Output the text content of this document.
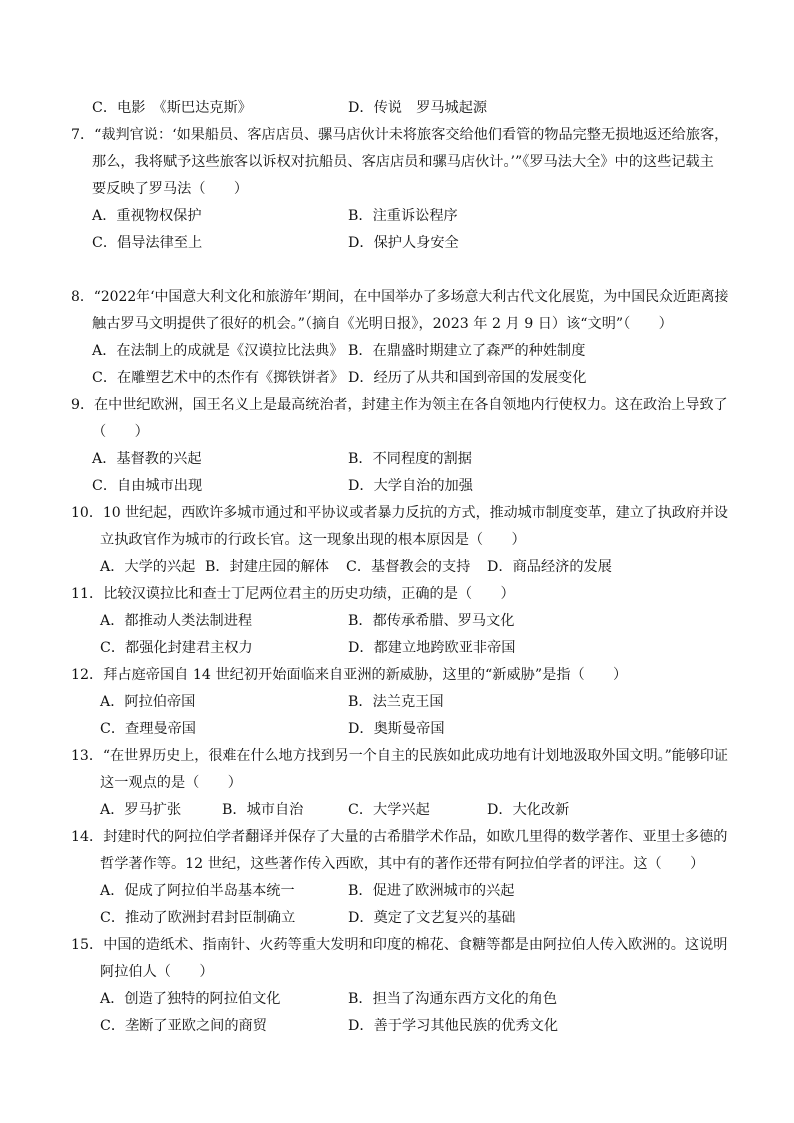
C．电影　《斯巴达克斯》	D．传说　罗马城起源
7．“裁判官说：‘如果船员、客店店员、骡马店伙计未将旅客交给他们看管的物品完整无损地返还给旅客，
那么，我将赋予这些旅客以诉权对抗船员、客店店员和骡马店伙计。’”《罗马法大全》中的这些记载主
要反映了罗马法（　　）
A．重视物权保护	B．注重诉讼程序
C．倡导法律至上	D．保护人身安全
8．“2022年‘中国意大利文化和旅游年’期间，在中国举办了多场意大利古代文化展览，为中国民众近距离接
触古罗马文明提供了很好的机会。”（摘自《光明日报》，2023 年 2 月 9 日）该“文明”（　　）
A．在法制上的成就是《汉谟拉比法典》 B．在鼎盛时期建立了森严的种姓制度
C．在雕塑艺术中的杰作有《掷铁饼者》 D．经历了从共和国到帝国的发展变化
9．在中世纪欧洲，国王名义上是最高统治者，封建主作为领主在各自领地内行使权力。这在政治上导致了
（　　）
A．基督教的兴起	B．不同程度的割据
C．自由城市出现	D．大学自治的加强
10．10 世纪起，西欧许多城市通过和平协议或者暴力反抗的方式，推动城市制度变革，建立了执政府并设
立执政官作为城市的行政长官。这一现象出现的根本原因是（　　）
A．大学的兴起 B．封建庄园的解体 C．基督教会的支持 D．商品经济的发展
11．比较汉谟拉比和查士丁尼两位君主的历史功绩，正确的是（　　）
A．都推动人类法制进程	B．都传承希腊、罗马文化
C．都强化封建君主权力	D．都建立地跨欧亚非帝国
12．拜占庭帝国自 14 世纪初开始面临来自亚洲的新威胁，这里的“新威胁”是指（　　）
A．阿拉伯帝国	B．法兰克王国
C．查理曼帝国	D．奥斯曼帝国
13．“在世界历史上，很难在什么地方找到另一个自主的民族如此成功地有计划地汲取外国文明。”能够印证
这一观点的是（　　）
A．罗马扩张	B．城市自治	C．大学兴起	D．大化改新
14．封建时代的阿拉伯学者翻译并保存了大量的古希腊学术作品，如欧几里得的数学著作、亚里士多德的
哲学著作等。12 世纪，这些著作传入西欧，其中有的著作还带有阿拉伯学者的评注。这（　　）
A．促成了阿拉伯半岛基本统一	B．促进了欧洲城市的兴起
C．推动了欧洲封君封臣制确立	D．奠定了文艺复兴的基础
15．中国的造纸术、指南针、火药等重大发明和印度的棉花、食糖等都是由阿拉伯人传入欧洲的。这说明
阿拉伯人（　　）
A．创造了独特的阿拉伯文化	B．担当了沟通东西方文化的角色
C．垄断了亚欧之间的商贸	D．善于学习其他民族的优秀文化
